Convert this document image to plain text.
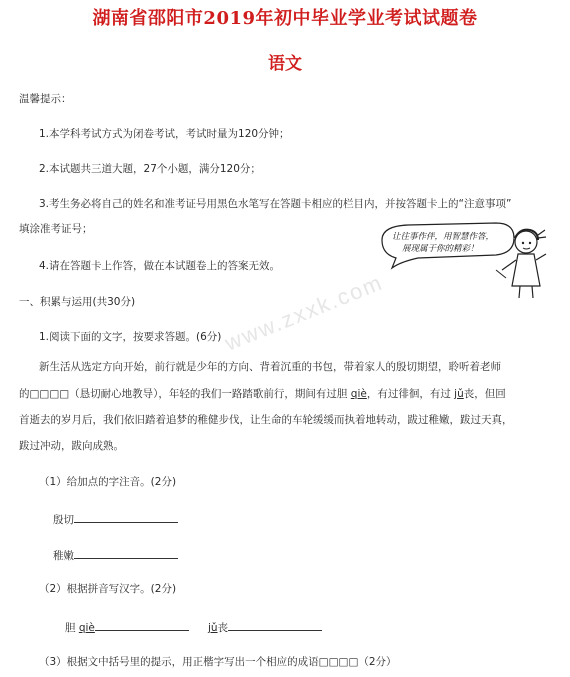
湖南省邵阳市2019年初中毕业学业考试试题卷
语文
温馨提示：
1.本学科考试方式为闭卷考试，考试时量为120分钟；
2.本试题共三道大题，27个小题，满分120分；
3.考生务必将自己的姓名和准考证号用黑色水笔写在答题卡相应的栏目内，并按答题卡上的“注意事项”
填涂准考证号；
4.请在答题卡上作答，做在本试题卷上的答案无效。
让往事作伴，用智慧作答，
展现属于你的精彩！
www.zxxk.com
一、积累与运用(共30分)
1.阅读下面的文字，按要求答题。(6分)
新生活从选定方向开始，前行就是少年的方向、背着沉重的书包，带着家人的殷切期望，聆听着老师
的□□□□（恳切耐心地教导），年轻的我们一路踏歌前行，期间有过胆 qiè，有过徘徊，有过 jǔ丧，但回
首逝去的岁月后，我们依旧踏着追梦的稚健步伐，让生命的车轮缓缓而执着地转动，跋过稚嫩，跋过天真，
跋过冲动，跋向成熟。
（1）给加点的字注音。(2分)
殷切
稚嫩
（2）根据拼音写汉字。(2分)
胆 qiè	jǔ丧
（3）根据文中括号里的提示，用正楷字写出一个相应的成语□□□□（2分）
